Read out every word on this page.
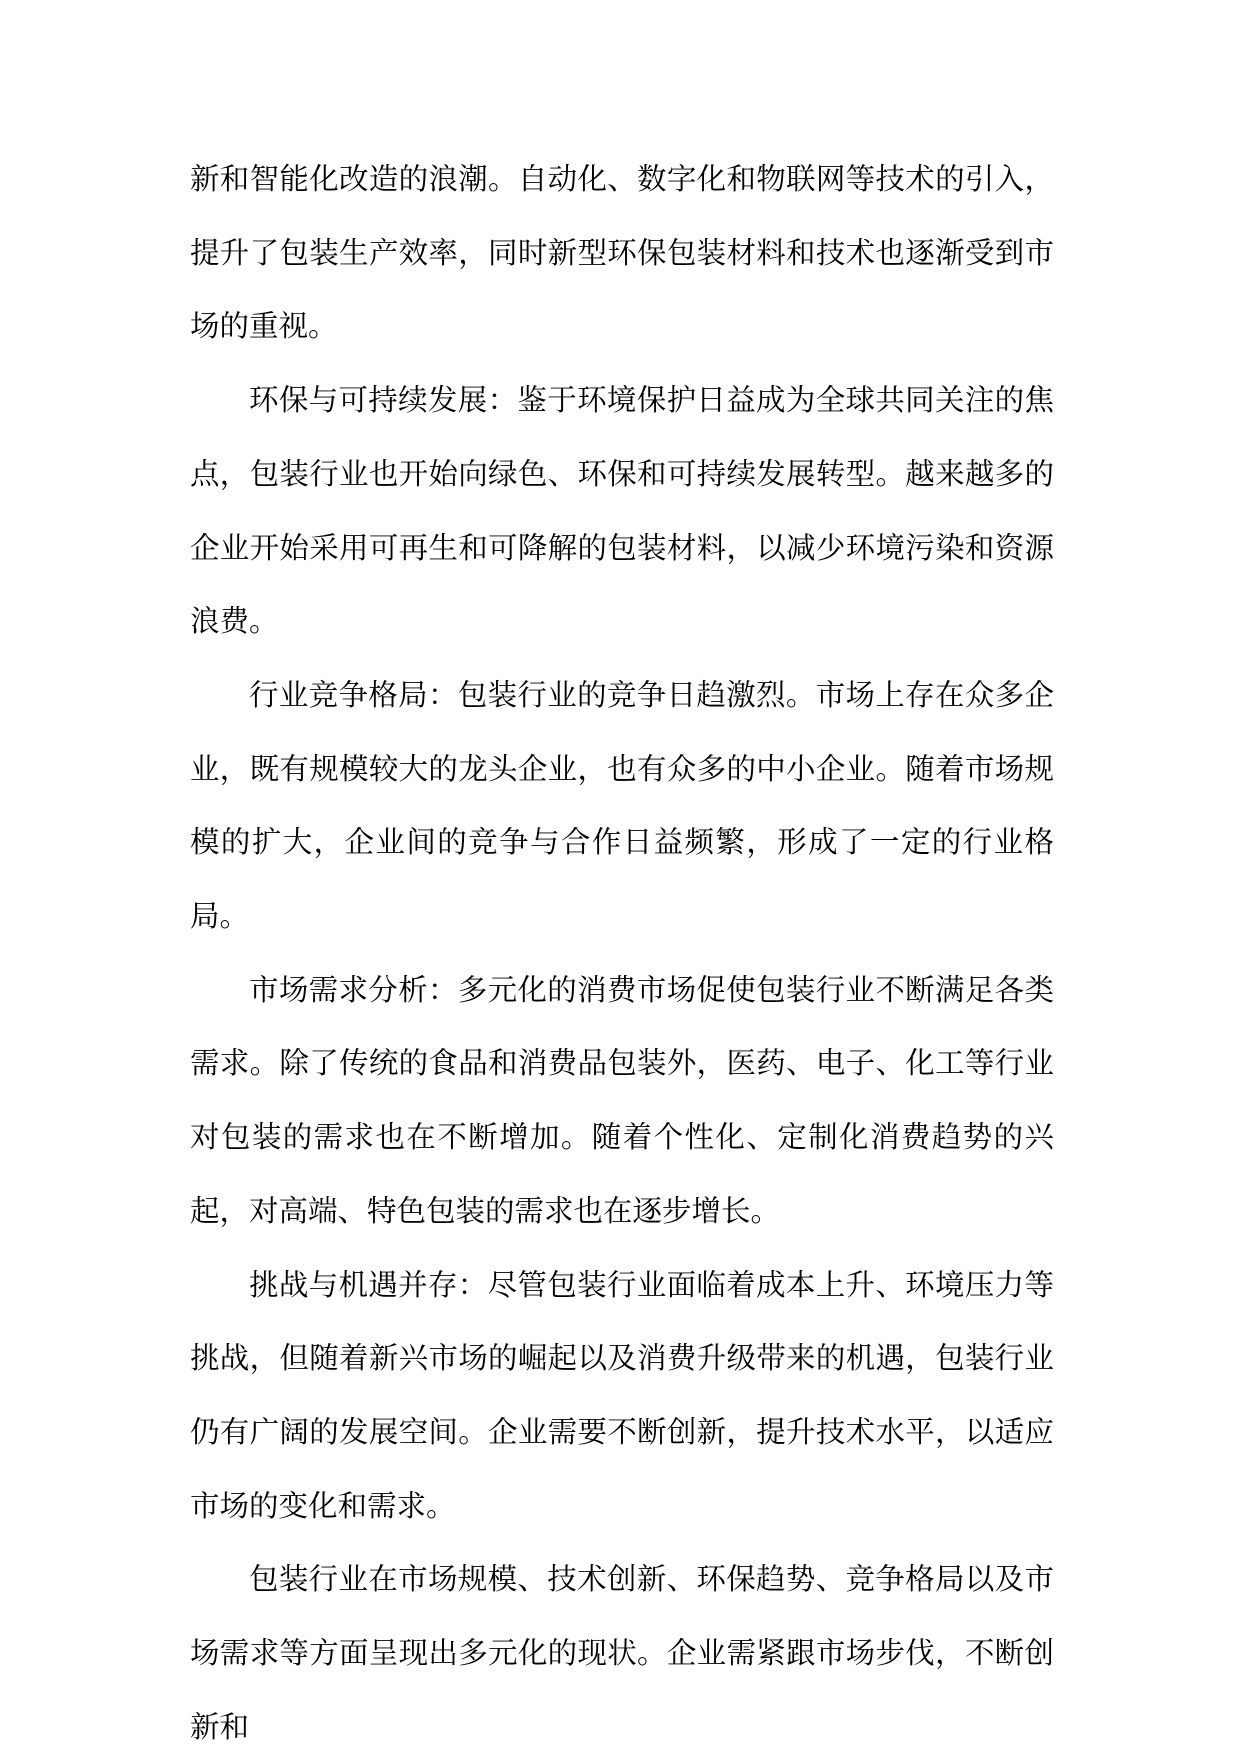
新和智能化改造的浪潮。自动化、数字化和物联网等技术的引入，提升了包装生产效率，同时新型环保包装材料和技术也逐渐受到市场的重视。

环保与可持续发展：鉴于环境保护日益成为全球共同关注的焦点，包装行业也开始向绿色、环保和可持续发展转型。越来越多的企业开始采用可再生和可降解的包装材料，以减少环境污染和资源浪费。

行业竞争格局：包装行业的竞争日趋激烈。市场上存在众多企业，既有规模较大的龙头企业，也有众多的中小企业。随着市场规模的扩大，企业间的竞争与合作日益频繁，形成了一定的行业格局。

市场需求分析：多元化的消费市场促使包装行业不断满足各类需求。除了传统的食品和消费品包装外，医药、电子、化工等行业对包装的需求也在不断增加。随着个性化、定制化消费趋势的兴起，对高端、特色包装的需求也在逐步增长。

挑战与机遇并存：尽管包装行业面临着成本上升、环境压力等挑战，但随着新兴市场的崛起以及消费升级带来的机遇，包装行业仍有广阔的发展空间。企业需要不断创新，提升技术水平，以适应市场的变化和需求。

包装行业在市场规模、技术创新、环保趋势、竞争格局以及市场需求等方面呈现出多元化的现状。企业需紧跟市场步伐，不断创新和
